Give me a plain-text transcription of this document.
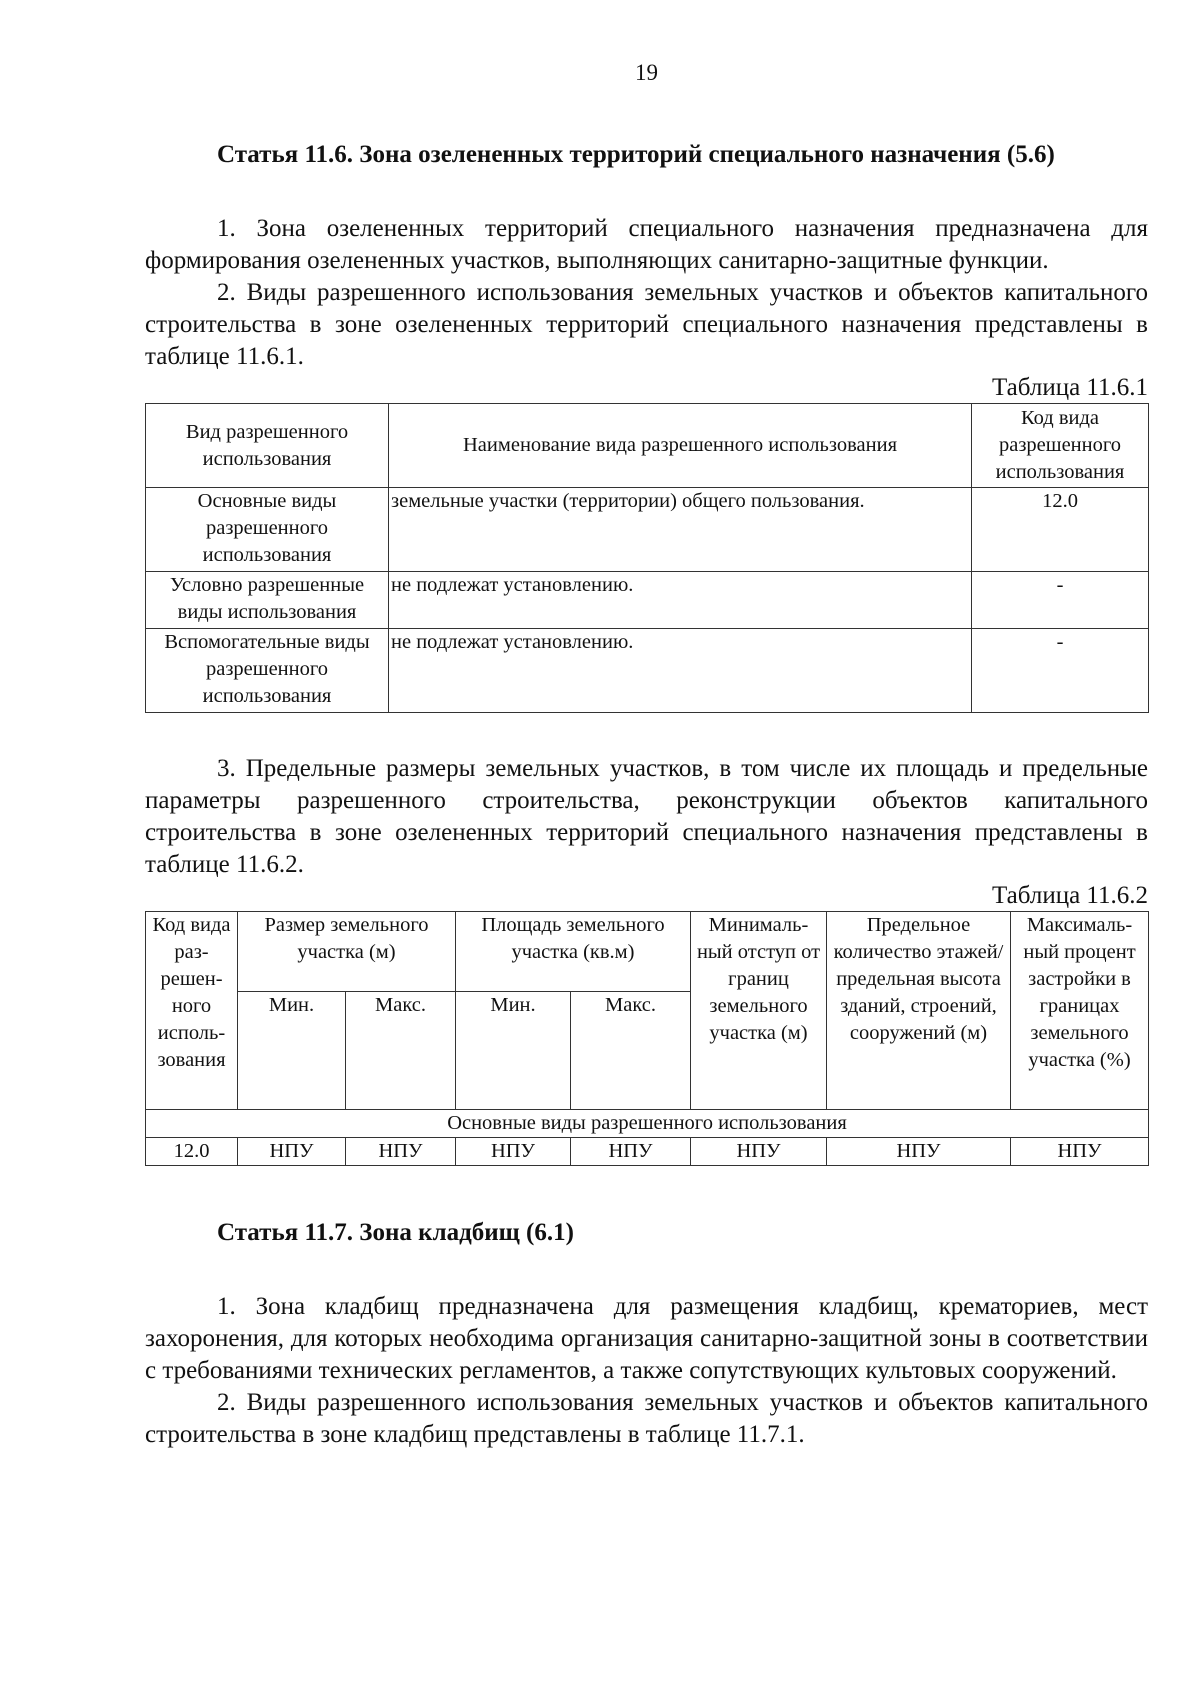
19

Статья 11.6. Зона озелененных территорий специального назначения (5.6)

1. Зона озелененных территорий специального назначения предназначена для формирования озелененных участков, выполняющих санитарно-защитные функции.

2. Виды разрешенного использования земельных участков и объектов капитального строительства в зоне озелененных территорий специального назначения представлены в таблице 11.6.1.

Таблица 11.6.1

Вид разрешенного использования	Наименование вида разрешенного использования	Код вида разрешенного использования
Основные виды разрешенного использования	земельные участки (территории) общего пользования.	12.0
Условно разрешенные виды использования	не подлежат установлению.	-
Вспомогательные виды разрешенного использования	не подлежат установлению.	-

3. Предельные размеры земельных участков, в том числе их площадь и предельные параметры разрешенного строительства, реконструкции объектов капитального строительства в зоне озелененных территорий специального назначения представлены в таблице 11.6.2.

Таблица 11.6.2

Код вида раз- решен- ного исполь- зования	Размер земельного участка (м)		Площадь земельного участка (кв.м)		Минималь- ный отступ от границ земельного участка (м)	Предельное количество этажей/ предельная высота зданий, строений, сооружений (м)	Максималь- ный процент застройки в границах земельного участка (%)
	Мин.	Макс.	Мин.	Макс.			
Основные виды разрешенного использования							
12.0	НПУ	НПУ	НПУ	НПУ	НПУ	НПУ	НПУ

Статья 11.7. Зона кладбищ (6.1)

1. Зона кладбищ предназначена для размещения кладбищ, крематориев, мест захоронения, для которых необходима организация санитарно-защитной зоны в соответствии с требованиями технических регламентов, а также сопутствующих культовых сооружений.

2. Виды разрешенного использования земельных участков и объектов капитального строительства в зоне кладбищ представлены в таблице 11.7.1.
